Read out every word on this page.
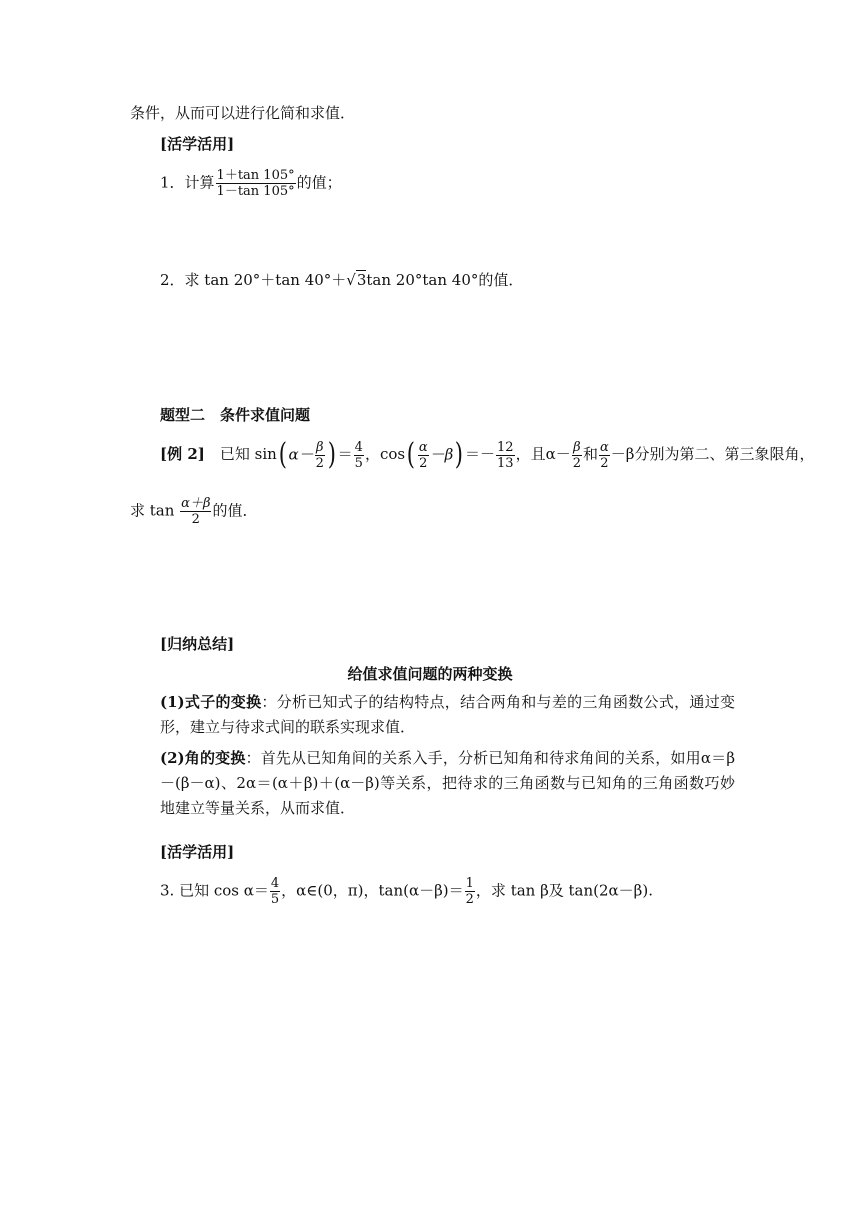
条件，从而可以进行化简和求值．
[活学活用]
1．计算 $\frac{1+\tan 105^\circ}{1-\tan 105^\circ}$ 的值；
2．求 tan 20°＋tan 40°＋√3tan 20°tan 40°的值．
题型二　条件求值问题
[例 2]　已知 sin( $\alpha- \frac{\beta}{2}$ ) ＝ $\frac{4}{5}$ ，$\cos( \frac{\alpha}{2} -\beta) =- \frac{12}{13}$ ，且$\alpha- \frac{\beta}{2}$ 和 $\frac{\alpha}{2} -\beta$分别为第二、第三象限角，
求 $\tan \frac{\alpha+\beta}{2}$ 的值．
[归纳总结]
给值求值问题的两种变换
(1)式子的变换：分析已知式子的结构特点，结合两角和与差的三角函数公式，通过变形，建立与待求式间的联系实现求值．
(2)角的变换：首先从已知角间的关系入手，分析已知角和待求角间的关系，如用α＝β－(β－α)、2α＝(α＋β)＋(α－β)等关系，把待求的三角函数与已知角的三角函数巧妙地建立等量关系，从而求值．
[活学活用]
3. 已知 $\cos \alpha= \frac{4}{5}$ ，α∈(0，π)，$\tan(\alpha-\beta)= \frac{1}{2}$ ，求 tan β及 tan(2α－β).
